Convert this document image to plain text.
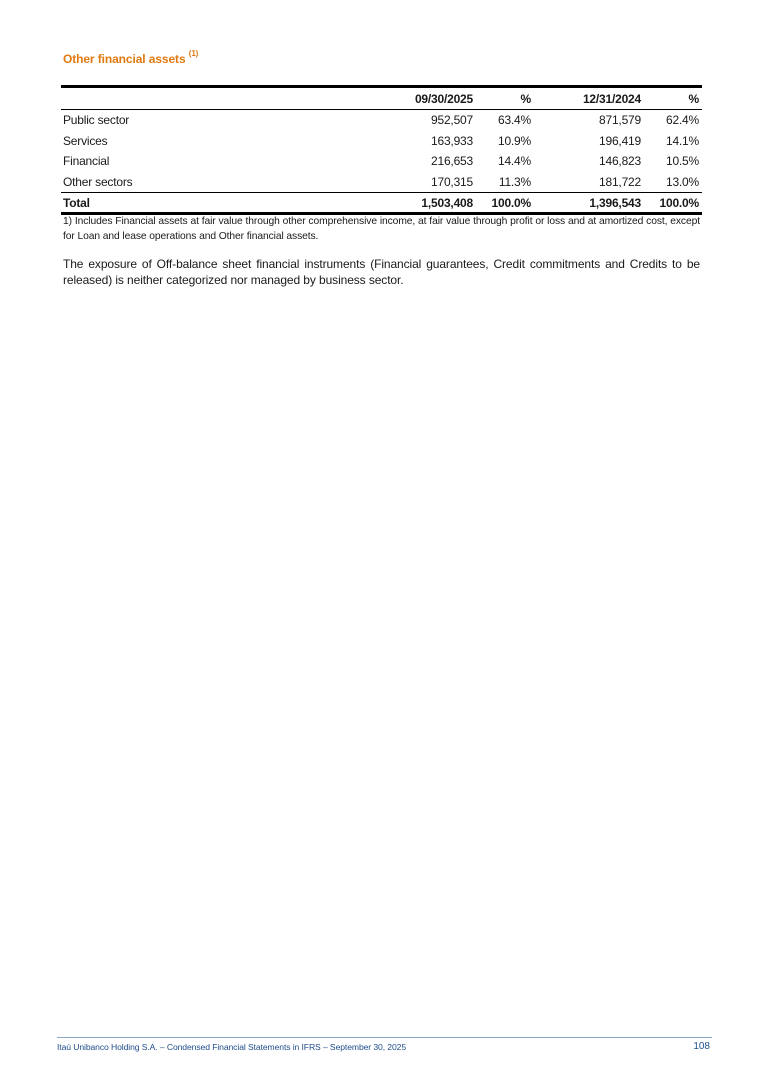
Other financial assets $^{(1)}$
	09/30/2025	%	12/31/2024	%
Public sector	952,507	63.4%	871,579	62.4%
Services	163,933	10.9%	196,419	14.1%
Financial	216,653	14.4%	146,823	10.5%
Other sectors	170,315	11.3%	181,722	13.0%
Total	1,503,408	100.0%	1,396,543	100.0%
1) Includes Financial assets at fair value through other comprehensive income, at fair value through profit or loss and at amortized cost, except for Loan and lease operations and Other financial assets.
The exposure of Off-balance sheet financial instruments (Financial guarantees, Credit commitments and Credits to be released) is neither categorized nor managed by business sector.
Itaú Unibanco Holding S.A. – Condensed Financial Statements in IFRS – September 30, 2025	108
